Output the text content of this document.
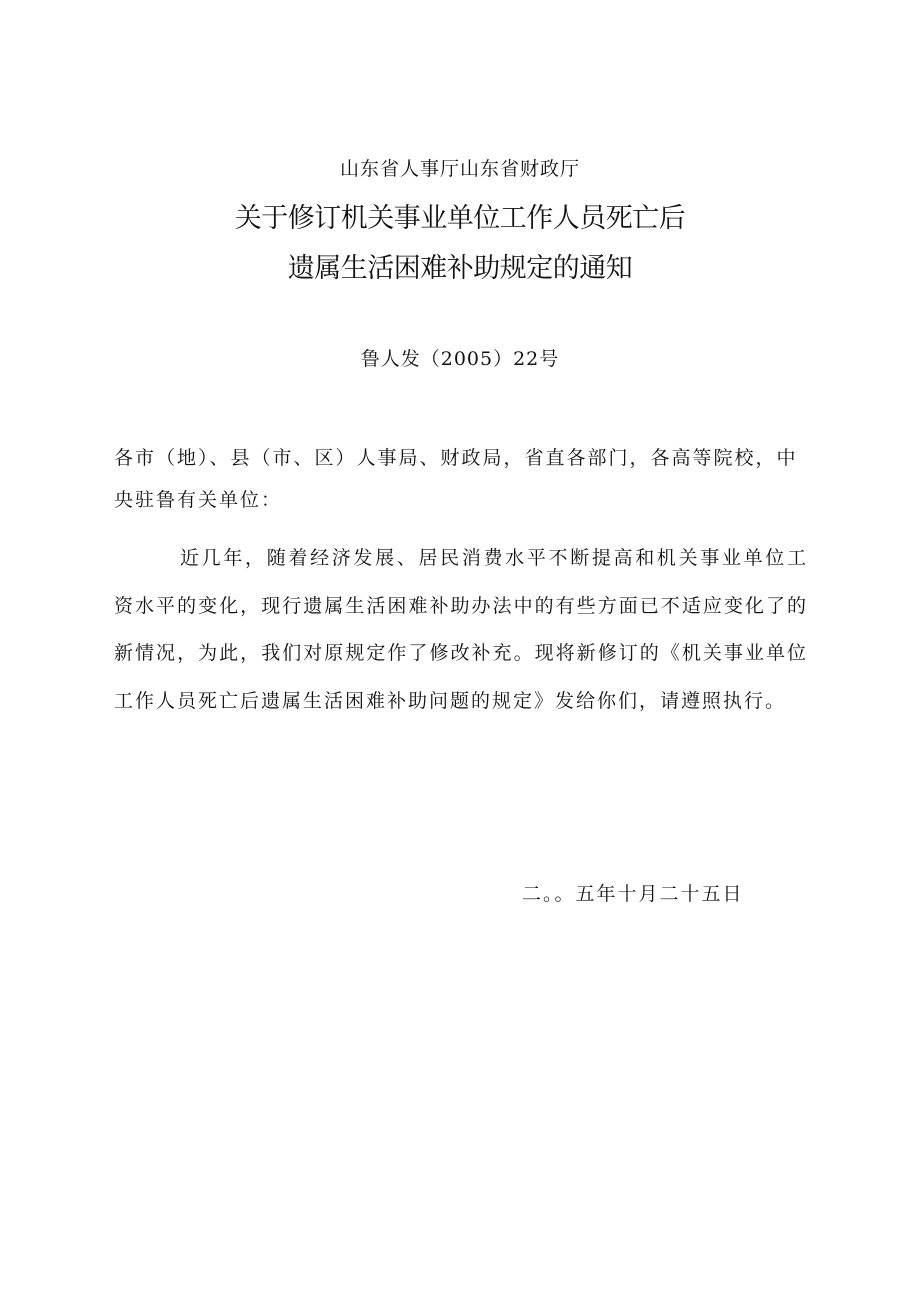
山东省人事厅山东省财政厅

关于修订机关事业单位工作人员死亡后
遗属生活困难补助规定的通知

鲁人发（2005）22号

各市（地）、县（市、区）人事局、财政局，省直各部门，各高等院校，中央驻鲁有关单位：

近几年，随着经济发展、居民消费水平不断提高和机关事业单位工资水平的变化，现行遗属生活困难补助办法中的有些方面已不适应变化了的新情况，为此，我们对原规定作了修改补充。现将新修订的《机关事业单位工作人员死亡后遗属生活困难补助问题的规定》发给你们，请遵照执行。

二。。五年十月二十五日
